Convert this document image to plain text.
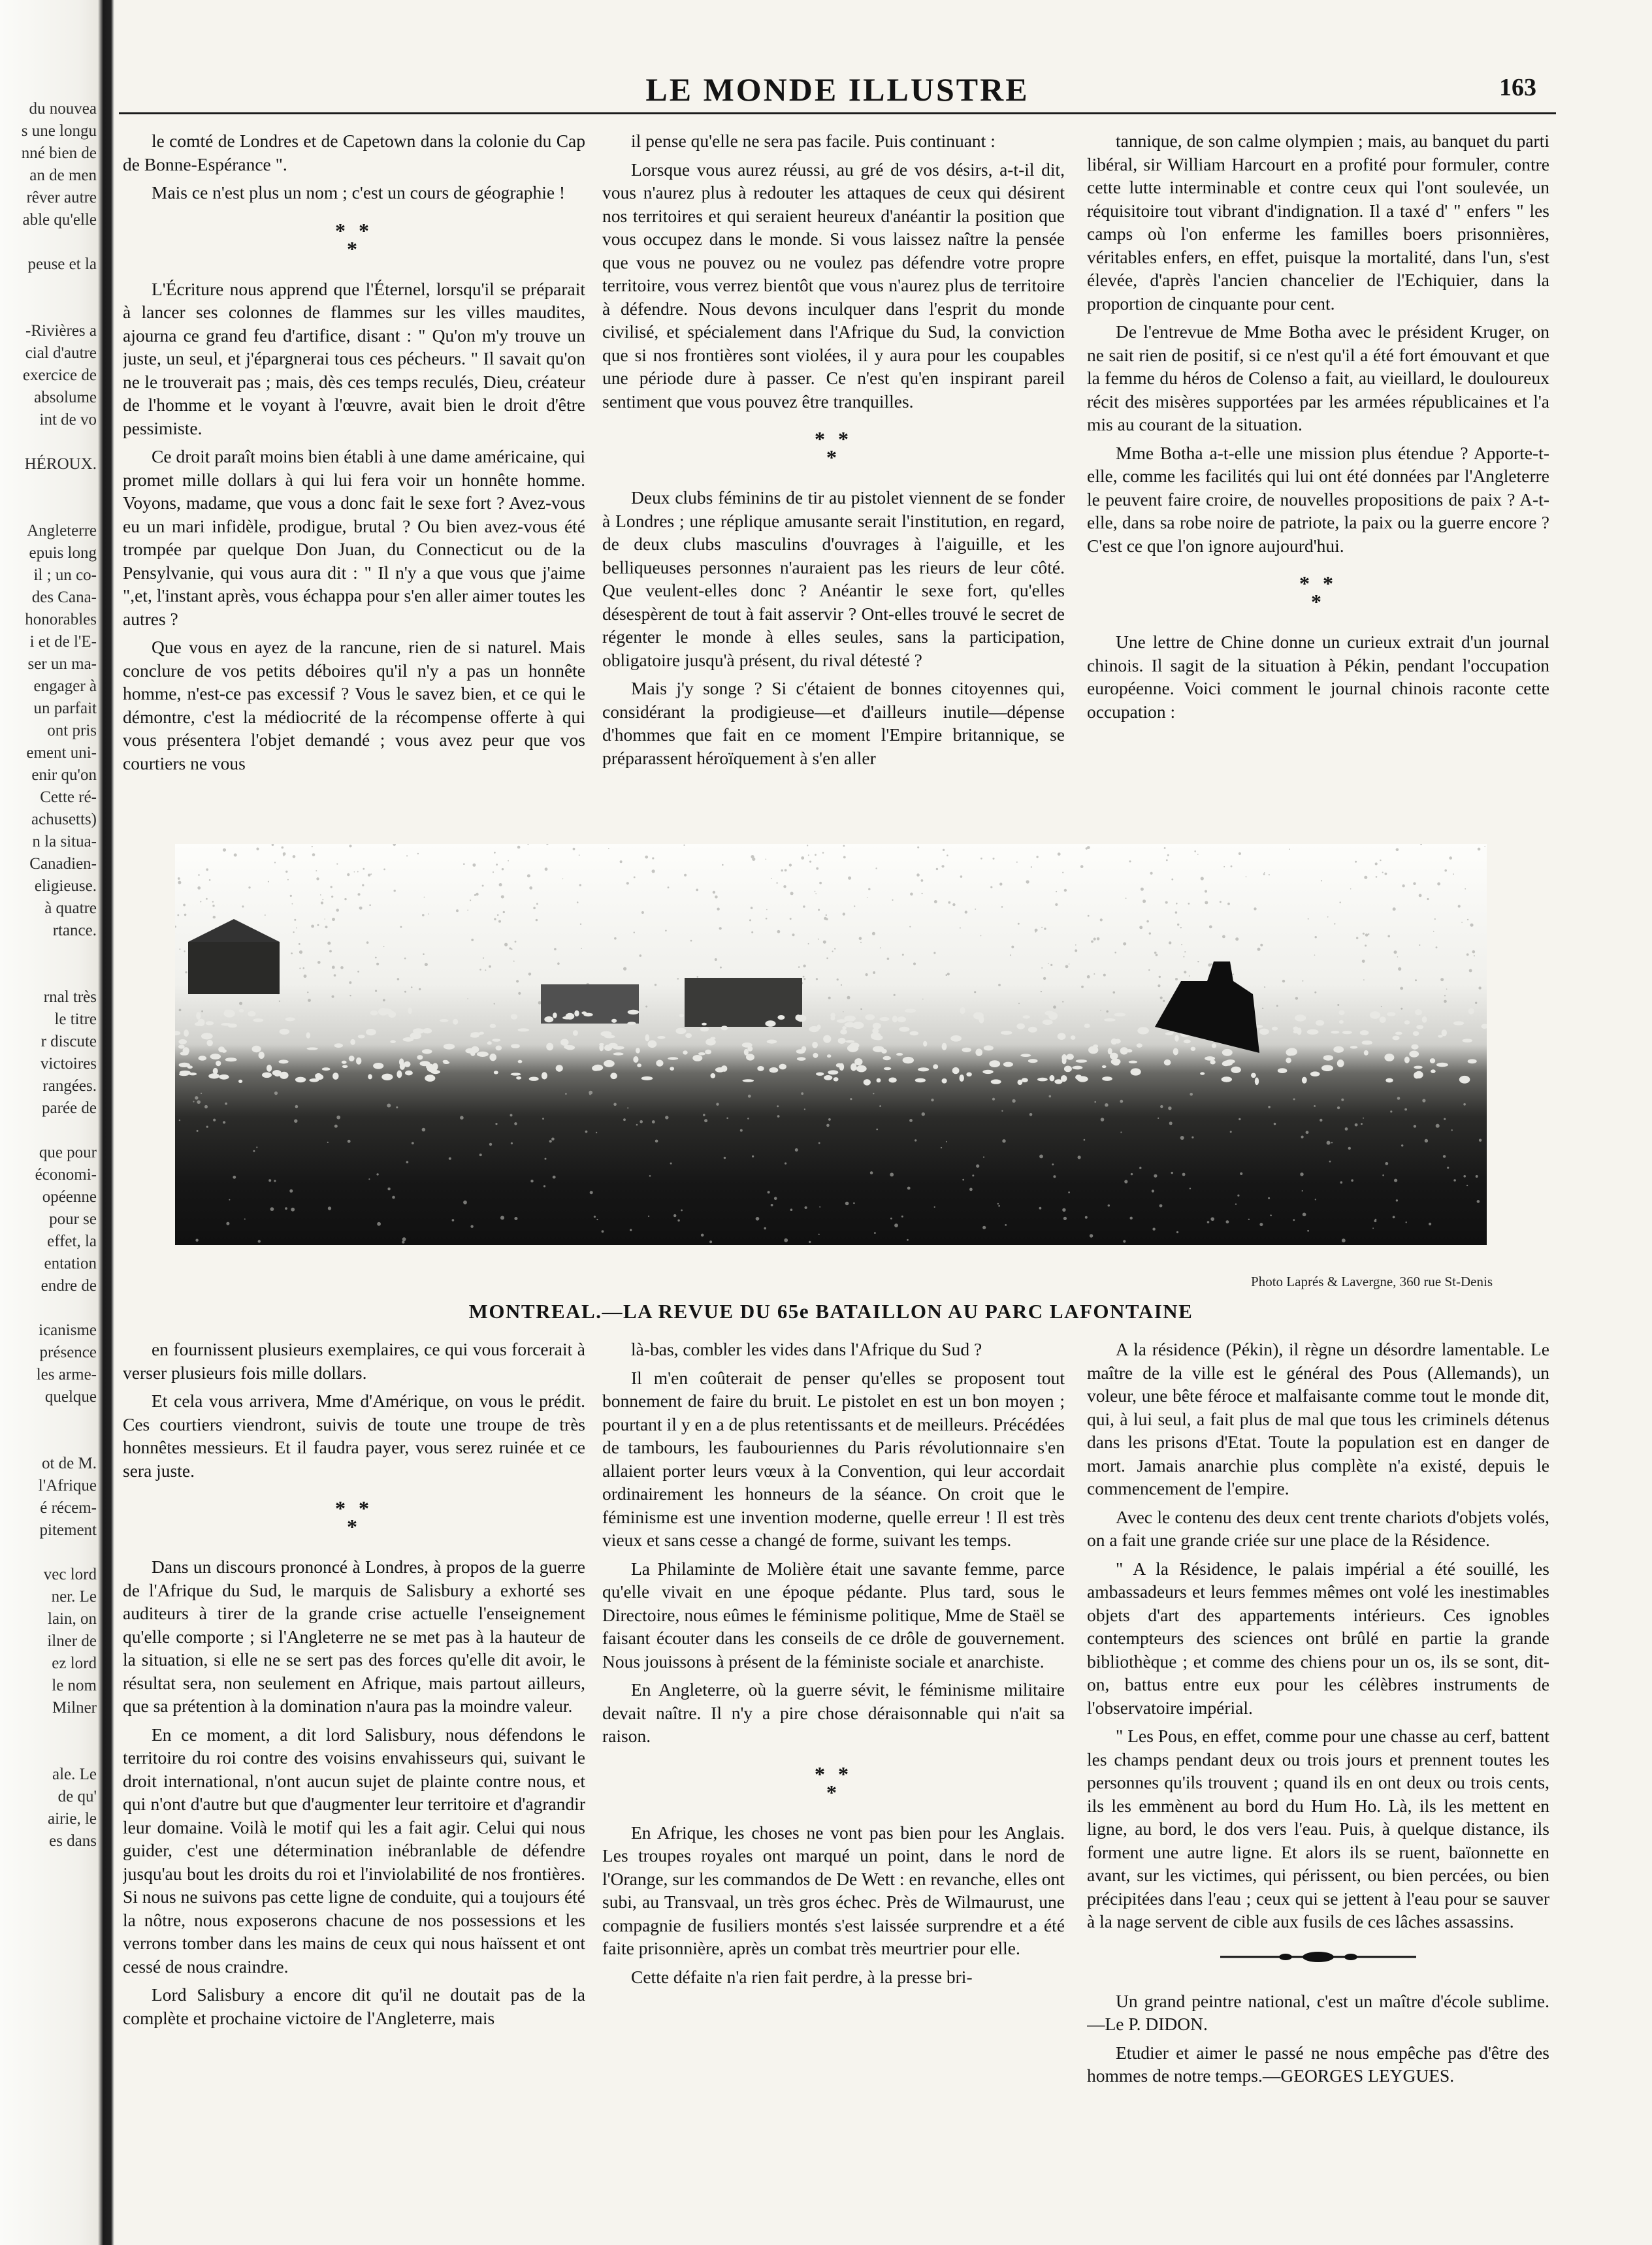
du nouvea
s une longu
nné bien de
an de men
rêver autre
able qu'elle
peuse et la
-Rivières a
cial d'autre
exercice de
absolume
int de vo
HÉROUX.
Angleterre
epuis long
il ; un co-
des Cana-
honorables
i et de l'E-
ser un ma-
engager à
un parfait
ont pris
ement uni-
enir qu'on
Cette ré-
achusetts)
n la situa-
Canadien-
eligieuse.
à quatre
rtance.
rnal très
le titre
r discute
victoires
rangées.
parée de
que pour
économi-
opéenne
pour se
effet, la
entation
endre de
icanisme
présence
les arme-
quelque
ot de M.
l'Afrique
é récem-
pitement
vec lord
ner. Le
lain, on
ilner de
ez lord
le nom
Milner
ale. Le
de qu'
airie, le
es dans
LE MONDE ILLUSTRE	163

le comté de Londres et de Capetown dans la colonie du Cap de Bonne-Espérance ".

Mais ce n'est plus un nom ; c'est un cours de géographie !

* *
*

L'Écriture nous apprend que l'Éternel, lorsqu'il se préparait à lancer ses colonnes de flammes sur les villes maudites, ajourna ce grand feu d'artifice, disant : " Qu'on m'y trouve un juste, un seul, et j'épargnerai tous ces pécheurs. " Il savait qu'on ne le trouverait pas ; mais, dès ces temps reculés, Dieu, créateur de l'homme et le voyant à l'œuvre, avait bien le droit d'être pessimiste.

Ce droit paraît moins bien établi à une dame américaine, qui promet mille dollars à qui lui fera voir un honnête homme. Voyons, madame, que vous a donc fait le sexe fort ? Avez-vous eu un mari infidèle, prodigue, brutal ? Ou bien avez-vous été trompée par quelque Don Juan, du Connecticut ou de la Pensylvanie, qui vous aura dit : " Il n'y a que vous que j'aime ",et, l'instant après, vous échappa pour s'en aller aimer toutes les autres ?

Que vous en ayez de la rancune, rien de si naturel. Mais conclure de vos petits déboires qu'il n'y a pas un honnête homme, n'est-ce pas excessif ? Vous le savez bien, et ce qui le démontre, c'est la médiocrité de la récompense offerte à qui vous présentera l'objet demandé ; vous avez peur que vos courtiers ne vous

il pense qu'elle ne sera pas facile. Puis continuant :

Lorsque vous aurez réussi, au gré de vos désirs, a-t-il dit, vous n'aurez plus à redouter les attaques de ceux qui désirent nos territoires et qui seraient heureux d'anéantir la position que vous occupez dans le monde. Si vous laissez naître la pensée que vous ne pouvez ou ne voulez pas défendre votre propre territoire, vous verrez bientôt que vous n'aurez plus de territoire à défendre. Nous devons inculquer dans l'esprit du monde civilisé, et spécialement dans l'Afrique du Sud, la conviction que si nos frontières sont violées, il y aura pour les coupables une période dure à passer. Ce n'est qu'en inspirant pareil sentiment que vous pouvez être tranquilles.

* *
*

Deux clubs féminins de tir au pistolet viennent de se fonder à Londres ; une réplique amusante serait l'institution, en regard, de deux clubs masculins d'ouvrages à l'aiguille, et les belliqueuses personnes n'auraient pas les rieurs de leur côté. Que veulent-elles donc ? Anéantir le sexe fort, qu'elles désespèrent de tout à fait asservir ? Ont-elles trouvé le secret de régenter le monde à elles seules, sans la participation, obligatoire jusqu'à présent, du rival détesté ?

Mais j'y songe ? Si c'étaient de bonnes citoyennes qui, considérant la prodigieuse—et d'ailleurs inutile—dépense d'hommes que fait en ce moment l'Empire britannique, se préparassent héroïquement à s'en aller

tannique, de son calme olympien ; mais, au banquet du parti libéral, sir William Harcourt en a profité pour formuler, contre cette lutte interminable et contre ceux qui l'ont soulevée, un réquisitoire tout vibrant d'indignation. Il a taxé d' " enfers " les camps où l'on enferme les familles boers prisonnières, véritables enfers, en effet, puisque la mortalité, dans l'un, s'est élevée, d'après l'ancien chancelier de l'Echiquier, dans la proportion de cinquante pour cent.

De l'entrevue de Mme Botha avec le président Kruger, on ne sait rien de positif, si ce n'est qu'il a été fort émouvant et que la femme du héros de Colenso a fait, au vieillard, le douloureux récit des misères supportées par les armées républicaines et l'a mis au courant de la situation.

Mme Botha a-t-elle une mission plus étendue ? Apporte-t-elle, comme les facilités qui lui ont été données par l'Angleterre le peuvent faire croire, de nouvelles propositions de paix ? A-t-elle, dans sa robe noire de patriote, la paix ou la guerre encore ? C'est ce que l'on ignore aujourd'hui.

* *
*

Une lettre de Chine donne un curieux extrait d'un journal chinois. Il sagit de la situation à Pékin, pendant l'occupation européenne. Voici comment le journal chinois raconte cette occupation :

Photo Laprés & Lavergne, 360 rue St-Denis
MONTREAL.—LA REVUE DU 65e BATAILLON AU PARC LAFONTAINE

en fournissent plusieurs exemplaires, ce qui vous forcerait à verser plusieurs fois mille dollars.

Et cela vous arrivera, Mme d'Amérique, on vous le prédit. Ces courtiers viendront, suivis de toute une troupe de très honnêtes messieurs. Et il faudra payer, vous serez ruinée et ce sera juste.

* *
*

Dans un discours prononcé à Londres, à propos de la guerre de l'Afrique du Sud, le marquis de Salisbury a exhorté ses auditeurs à tirer de la grande crise actuelle l'enseignement qu'elle comporte ; si l'Angleterre ne se met pas à la hauteur de la situation, si elle ne se sert pas des forces qu'elle dit avoir, le résultat sera, non seulement en Afrique, mais partout ailleurs, que sa prétention à la domination n'aura pas la moindre valeur.

En ce moment, a dit lord Salisbury, nous défendons le territoire du roi contre des voisins envahisseurs qui, suivant le droit international, n'ont aucun sujet de plainte contre nous, et qui n'ont d'autre but que d'augmenter leur territoire et d'agrandir leur domaine. Voilà le motif qui les a fait agir. Celui qui nous guider, c'est une détermination inébranlable de défendre jusqu'au bout les droits du roi et l'inviolabilité de nos frontières. Si nous ne suivons pas cette ligne de conduite, qui a toujours été la nôtre, nous exposerons chacune de nos possessions et les verrons tomber dans les mains de ceux qui nous haïssent et ont cessé de nous craindre.

Lord Salisbury a encore dit qu'il ne doutait pas de la complète et prochaine victoire de l'Angleterre, mais

là-bas, combler les vides dans l'Afrique du Sud ?

Il m'en coûterait de penser qu'elles se proposent tout bonnement de faire du bruit. Le pistolet en est un bon moyen ; pourtant il y en a de plus retentissants et de meilleurs. Précédées de tambours, les faubouriennes du Paris révolutionnaire s'en allaient porter leurs vœux à la Convention, qui leur accordait ordinairement les honneurs de la séance. On croit que le féminisme est une invention moderne, quelle erreur ! Il est très vieux et sans cesse a changé de forme, suivant les temps.

La Philaminte de Molière était une savante femme, parce qu'elle vivait en une époque pédante. Plus tard, sous le Directoire, nous eûmes le féminisme politique, Mme de Staël se faisant écouter dans les conseils de ce drôle de gouvernement. Nous jouissons à présent de la féministe sociale et anarchiste.

En Angleterre, où la guerre sévit, le féminisme militaire devait naître. Il n'y a pire chose déraisonnable qui n'ait sa raison.

* *
*

En Afrique, les choses ne vont pas bien pour les Anglais. Les troupes royales ont marqué un point, dans le nord de l'Orange, sur les commandos de De Wett : en revanche, elles ont subi, au Transvaal, un très gros échec. Près de Wilmaurust, une compagnie de fusiliers montés s'est laissée surprendre et a été faite prisonnière, après un combat très meurtrier pour elle.

Cette défaite n'a rien fait perdre, à la presse bri-

A la résidence (Pékin), il règne un désordre lamentable. Le maître de la ville est le général des Pous (Allemands), un voleur, une bête féroce et malfaisante comme tout le monde dit, qui, à lui seul, a fait plus de mal que tous les criminels détenus dans les prisons d'Etat. Toute la population est en danger de mort. Jamais anarchie plus complète n'a existé, depuis le commencement de l'empire.

Avec le contenu des deux cent trente chariots d'objets volés, on a fait une grande criée sur une place de la Résidence.

" A la Résidence, le palais impérial a été souillé, les ambassadeurs et leurs femmes mêmes ont volé les inestimables objets d'art des appartements intérieurs. Ces ignobles contempteurs des sciences ont brûlé en partie la grande bibliothèque ; et comme des chiens pour un os, ils se sont, dit-on, battus entre eux pour les célèbres instruments de l'observatoire impérial.

" Les Pous, en effet, comme pour une chasse au cerf, battent les champs pendant deux ou trois jours et prennent toutes les personnes qu'ils trouvent ; quand ils en ont deux ou trois cents, ils les emmènent au bord du Hum Ho. Là, ils les mettent en ligne, au bord, le dos vers l'eau. Puis, à quelque distance, ils forment une autre ligne. Et alors ils se ruent, baïonnette en avant, sur les victimes, qui périssent, ou bien percées, ou bien précipitées dans l'eau ; ceux qui se jettent à l'eau pour se sauver à la nage servent de cible aux fusils de ces lâches assassins.

Un grand peintre national, c'est un maître d'école sublime.—Le P. DIDON.

Etudier et aimer le passé ne nous empêche pas d'être des hommes de notre temps.—GEORGES LEYGUES.
